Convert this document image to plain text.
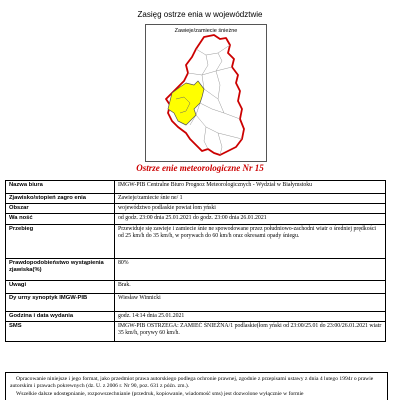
Zasięg ostrze enia w województwie
Zawieje/zamiecie śnieżne
Ostrze enie meteorologiczne Nr 15
Nazwa biura	IMGW-PIB Centralne Biuro Prognoz Meteorologicznych - Wydział w Białymstoku
Zjawisko/stopień zagro enia	Zawieje/zamiecie śnie ne/ 1
Obszar	województwo podlaskie powiat łom yński
Wa ność	od godz. 23:00 dnia 25.01.2021 do godz. 23:00 dnia 26.01.2021
Przebieg	Przewiduje się zawieje i zamiecie śnie ne spowodowane przez południowo-zachodni wiatr o średniej prędkości od 25 km/h do 35 km/h, w porywach do 60 km/h oraz okresami opady śniegu.
Prawdopodobieństwo wystąpienia zjawiska(%)	80%
Uwagi	Brak.
Dy urny synoptyk IMGW-PIB	Wiesław Winnicki
Godzina i data wydania	godz. 14:14 dnia 25.01.2021
SMS	IMGW-PIB OSTRZEGA: ZAMIEĆ ŚNIEŻNA/1 podlaskie(łom yński od 23:00/25.01 do 23:00/26.01.2021 wiatr 35 km/h, porywy 60 km/h.

Opracowanie niniejsze i jego format, jako przedmiot prawa autorskiego podlega ochronie prawnej, zgodnie z przepisami ustawy z dnia 4 lutego 1994r o prawie autorskim i prawach pokrewnych (dz. U. z 2006 r. Nr 90, poz. 631 z późn. zm.).

Wszelkie dalsze udostępnianie, rozpowszechnianie (przedruk, kopiowanie, wiadomość sms) jest dozwolone wyłącznie w formie
